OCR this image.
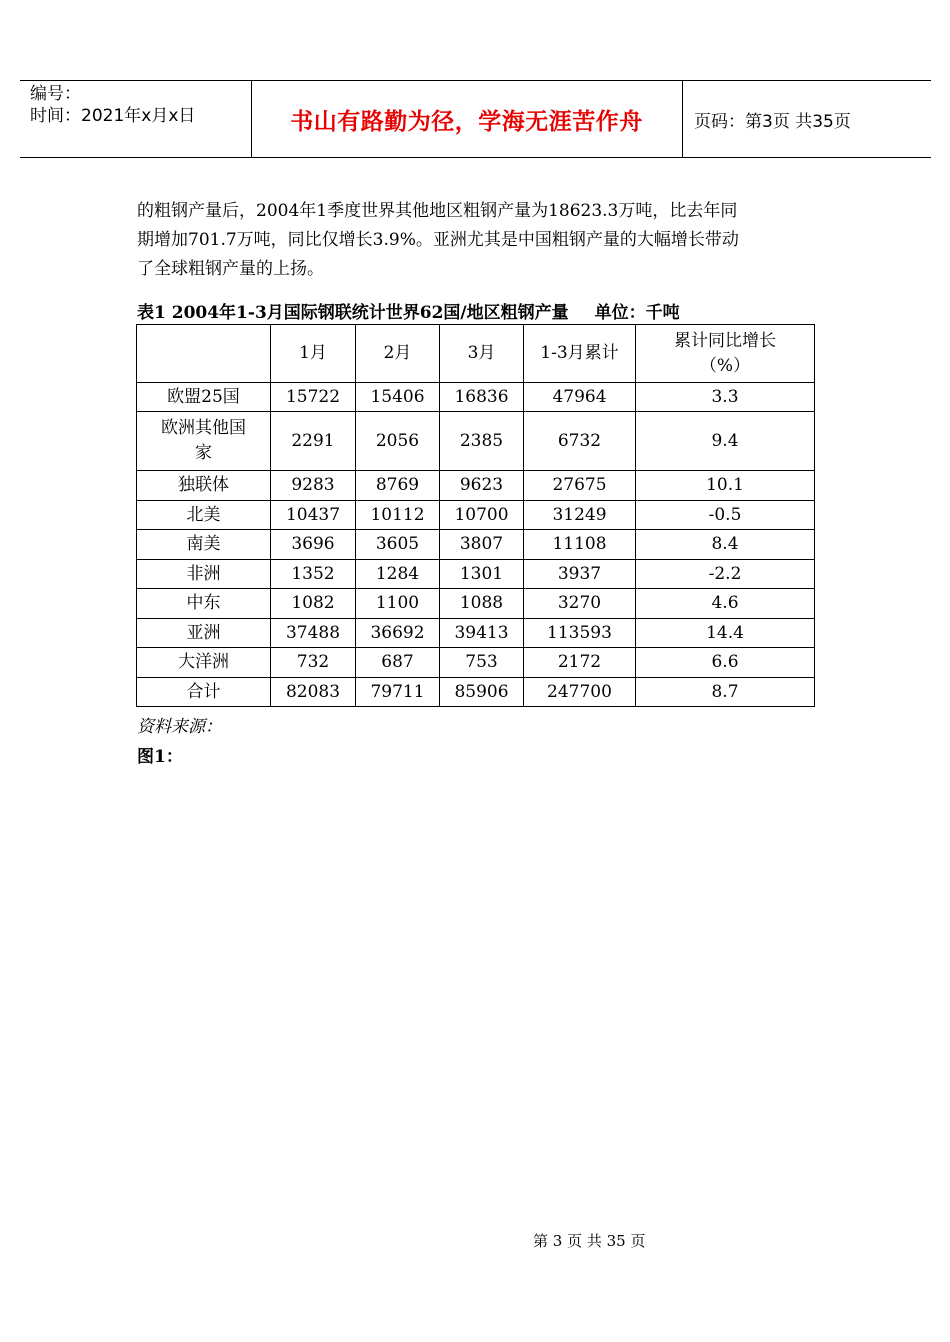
编号：
时间：2021年x月x日	书山有路勤为径，学海无涯苦作舟	页码：第3页 共35页

的粗钢产量后，2004年1季度世界其他地区粗钢产量为18623.3万吨，比去年同

期增加701.7万吨，同比仅增长3.9%。亚洲尤其是中国粗钢产量的大幅增长带动

了全球粗钢产量的上扬。

表1 2004年1-3月国际钢联统计世界62国/地区粗钢产量 单位：千吨
	1月	2月	3月	1-3月累计	累计同比增长
（%）

欧盟25国	15722	15406	16836	47964	3.3

欧洲其他国
家	2291	2056	2385	6732	9.4
独联体	9283	8769	9623	27675	10.1
北美	10437	10112	10700	31249	-0.5
南美	3696	3605	3807	11108	8.4
非洲	1352	1284	1301	3937	-2.2
中东	1082	1100	1088	3270	4.6
亚洲	37488	36692	39413	113593	14.4
大洋洲	732	687	753	2172	6.6
合计	82083	79711	85906	247700	8.7
资料来源：
图1：
第 3 页 共 35 页
